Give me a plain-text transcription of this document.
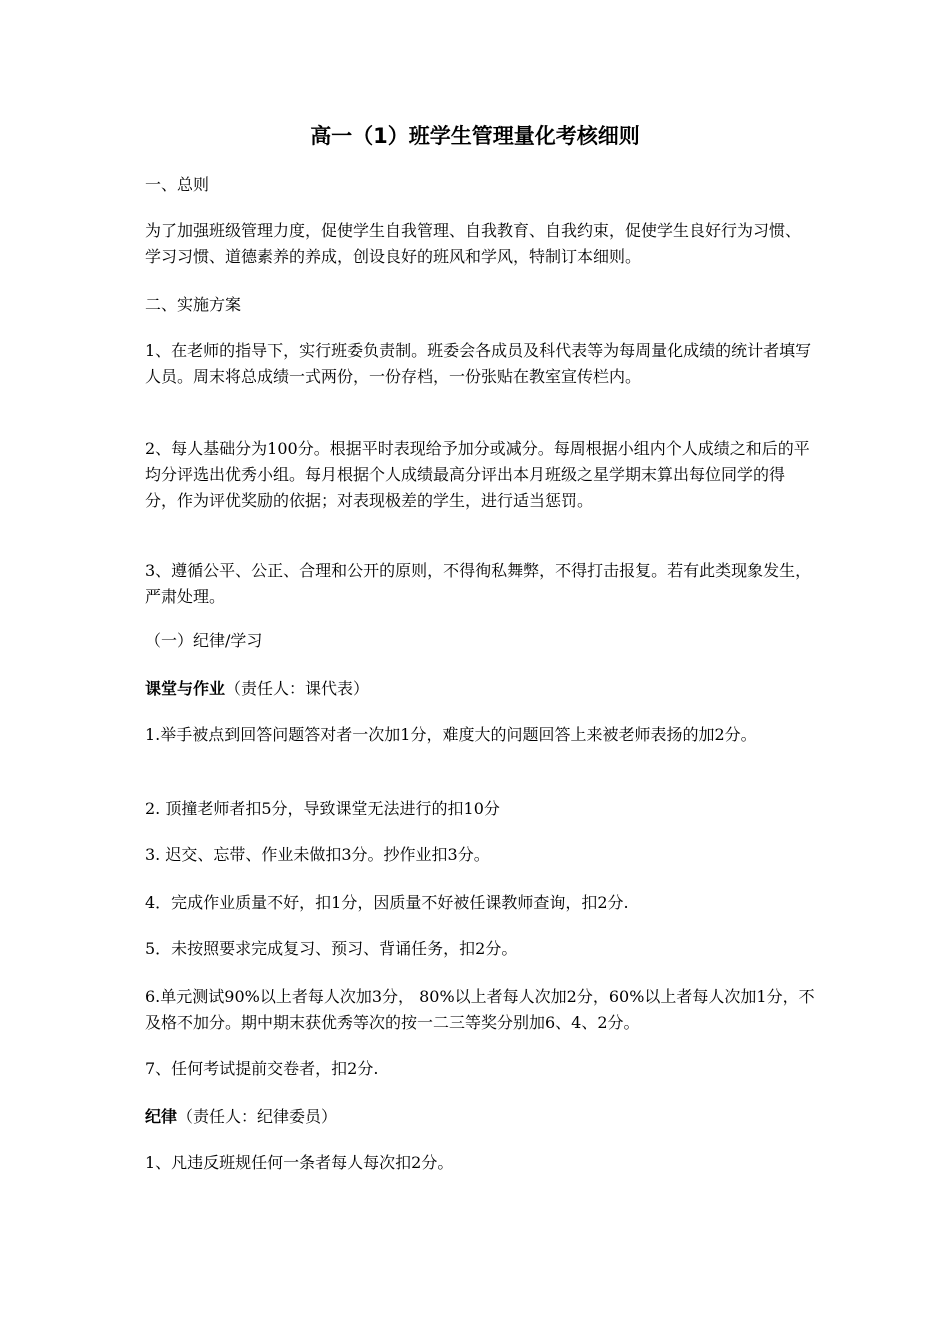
高一（1）班学生管理量化考核细则

一、总则

为了加强班级管理力度，促使学生自我管理、自我教育、自我约束，促使学生良好行为习惯、学习习惯、道德素养的养成，创设良好的班风和学风，特制订本细则。

二、实施方案

1、在老师的指导下，实行班委负责制。班委会各成员及科代表等为每周量化成绩的统计者填写人员。周末将总成绩一式两份，一份存档，一份张贴在教室宣传栏内。

2、每人基础分为100分。根据平时表现给予加分或减分。每周根据小组内个人成绩之和后的平均分评选出优秀小组。每月根据个人成绩最高分评出本月班级之星学期末算出每位同学的得分，作为评优奖励的依据；对表现极差的学生，进行适当惩罚。

3、遵循公平、公正、合理和公开的原则，不得徇私舞弊，不得打击报复。若有此类现象发生，严肃处理。

（一）纪律/学习

课堂与作业（责任人：课代表）

1.举手被点到回答问题答对者一次加1分，难度大的问题回答上来被老师表扬的加2分。

2. 顶撞老师者扣5分，导致课堂无法进行的扣10分

3. 迟交、忘带、作业未做扣3分。抄作业扣3分。

4．完成作业质量不好，扣1分，因质量不好被任课教师查询，扣2分.

5．未按照要求完成复习、预习、背诵任务，扣2分。

6.单元测试90%以上者每人次加3分， 80%以上者每人次加2分，60%以上者每人次加1分，不及格不加分。期中期末获优秀等次的按一二三等奖分别加6、4、2分。

7、任何考试提前交卷者，扣2分.

纪律（责任人：纪律委员）

1、凡违反班规任何一条者每人每次扣2分。
